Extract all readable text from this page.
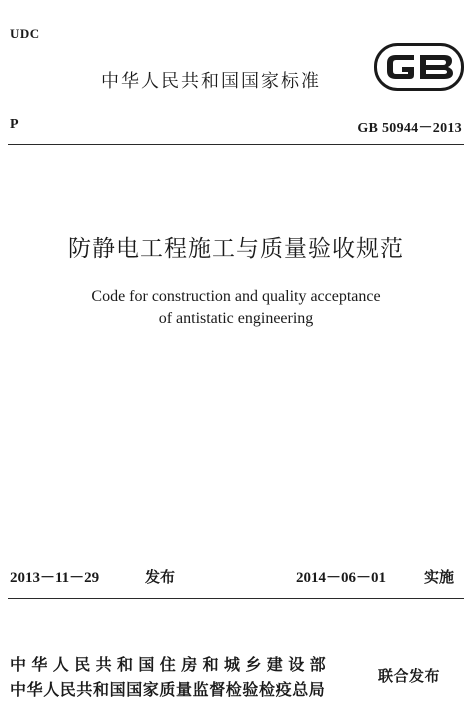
UDC
中华人民共和国国家标准
P	GB 50944－2013
防静电工程施工与质量验收规范
Code for construction and quality acceptance
of antistatic engineering
2013－11－29	发布	2014－06－01	实施
中华人民共和国住房和城乡建设部
中华人民共和国国家质量监督检验检疫总局
联合发布
